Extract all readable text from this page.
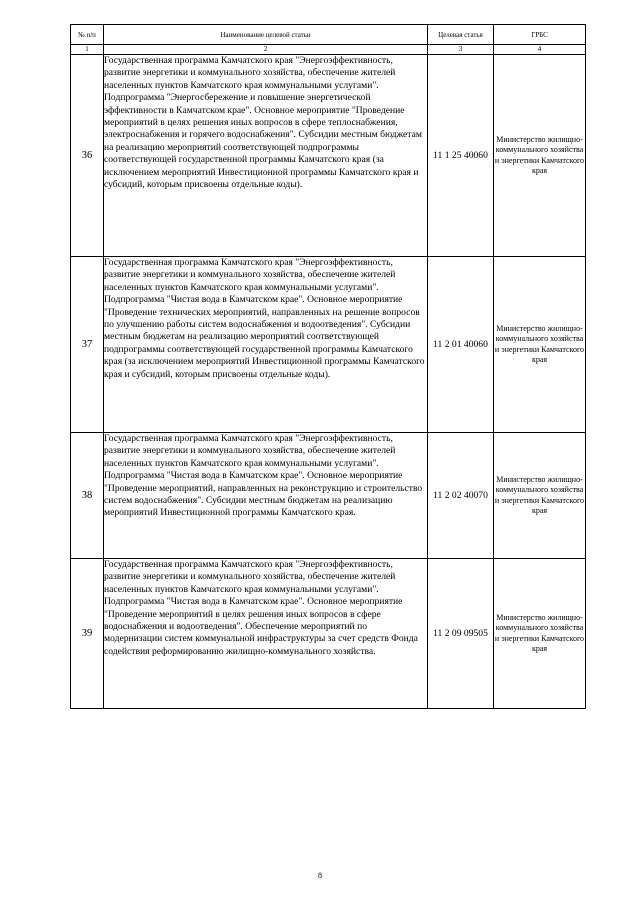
№ п/п	Наименование целевой статьи	Целевая статья	ГРБС
1	2	3	4
36	Государственная программа Камчатского края "Энергоэффективность, развитие энергетики и коммунального хозяйства, обеспечение жителей населенных пунктов Камчатского края коммунальными услугами". Подпрограмма "Энергосбережение и повышение энергетической эффективности в Камчатском крае". Основное мероприятие "Проведение мероприятий в целях решения иных вопросов в сфере теплоснабжения, электроснабжения и горячего водоснабжения". Субсидии местным бюджетам на реализацию мероприятий соответствующей подпрограммы соответствующей государственной программы Камчатского края (за исключением мероприятий Инвестиционной программы Камчатского края и субсидий, которым присвоены отдельные коды).	11 1 25 40060	Министерство жилищно-коммунального хозяйства и энергетики Камчатского края
37	Государственная программа Камчатского края "Энергоэффективность, развитие энергетики и коммунального хозяйства, обеспечение жителей населенных пунктов Камчатского края коммунальными услугами". Подпрограмма "Чистая вода в Камчатском крае". Основное мероприятие "Проведение технических мероприятий, направленных на решение вопросов по улучшению работы систем водоснабжения и водоотведения". Субсидии местным бюджетам на реализацию мероприятий соответствующей подпрограммы соответствующей государственной программы Камчатского края (за исключением мероприятий Инвестиционной программы Камчатского края и субсидий, которым присвоены отдельные коды).	11 2 01 40060	Министерство жилищно-коммунального хозяйства и энергетики Камчатского края
38	Государственная программа Камчатского края "Энергоэффективность, развитие энергетики и коммунального хозяйства, обеспечение жителей населенных пунктов Камчатского края коммунальными услугами". Подпрограмма "Чистая вода в Камчатском крае". Основное мероприятие "Проведение мероприятий, направленных на реконструкцию и строительство систем водоснабжения". Субсидии местным бюджетам на реализацию мероприятий Инвестиционной программы Камчатского края.	11 2 02 40070	Министерство жилищно-коммунального хозяйства и энергетики Камчатского края
39	Государственная программа Камчатского края "Энергоэффективность, развитие энергетики и коммунального хозяйства, обеспечение жителей населенных пунктов Камчатского края коммунальными услугами". Подпрограмма "Чистая вода в Камчатском крае". Основное мероприятие "Проведение мероприятий в целях решения иных вопросов в сфере водоснабжения и водоотведения". Обеспечение мероприятий по модернизации систем коммунальной инфраструктуры за счет средств Фонда содействия реформированию жилищно-коммунального хозяйства.	11 2 09 09505	Министерство жилищно-коммунального хозяйства и энергетики Камчатского края
8
